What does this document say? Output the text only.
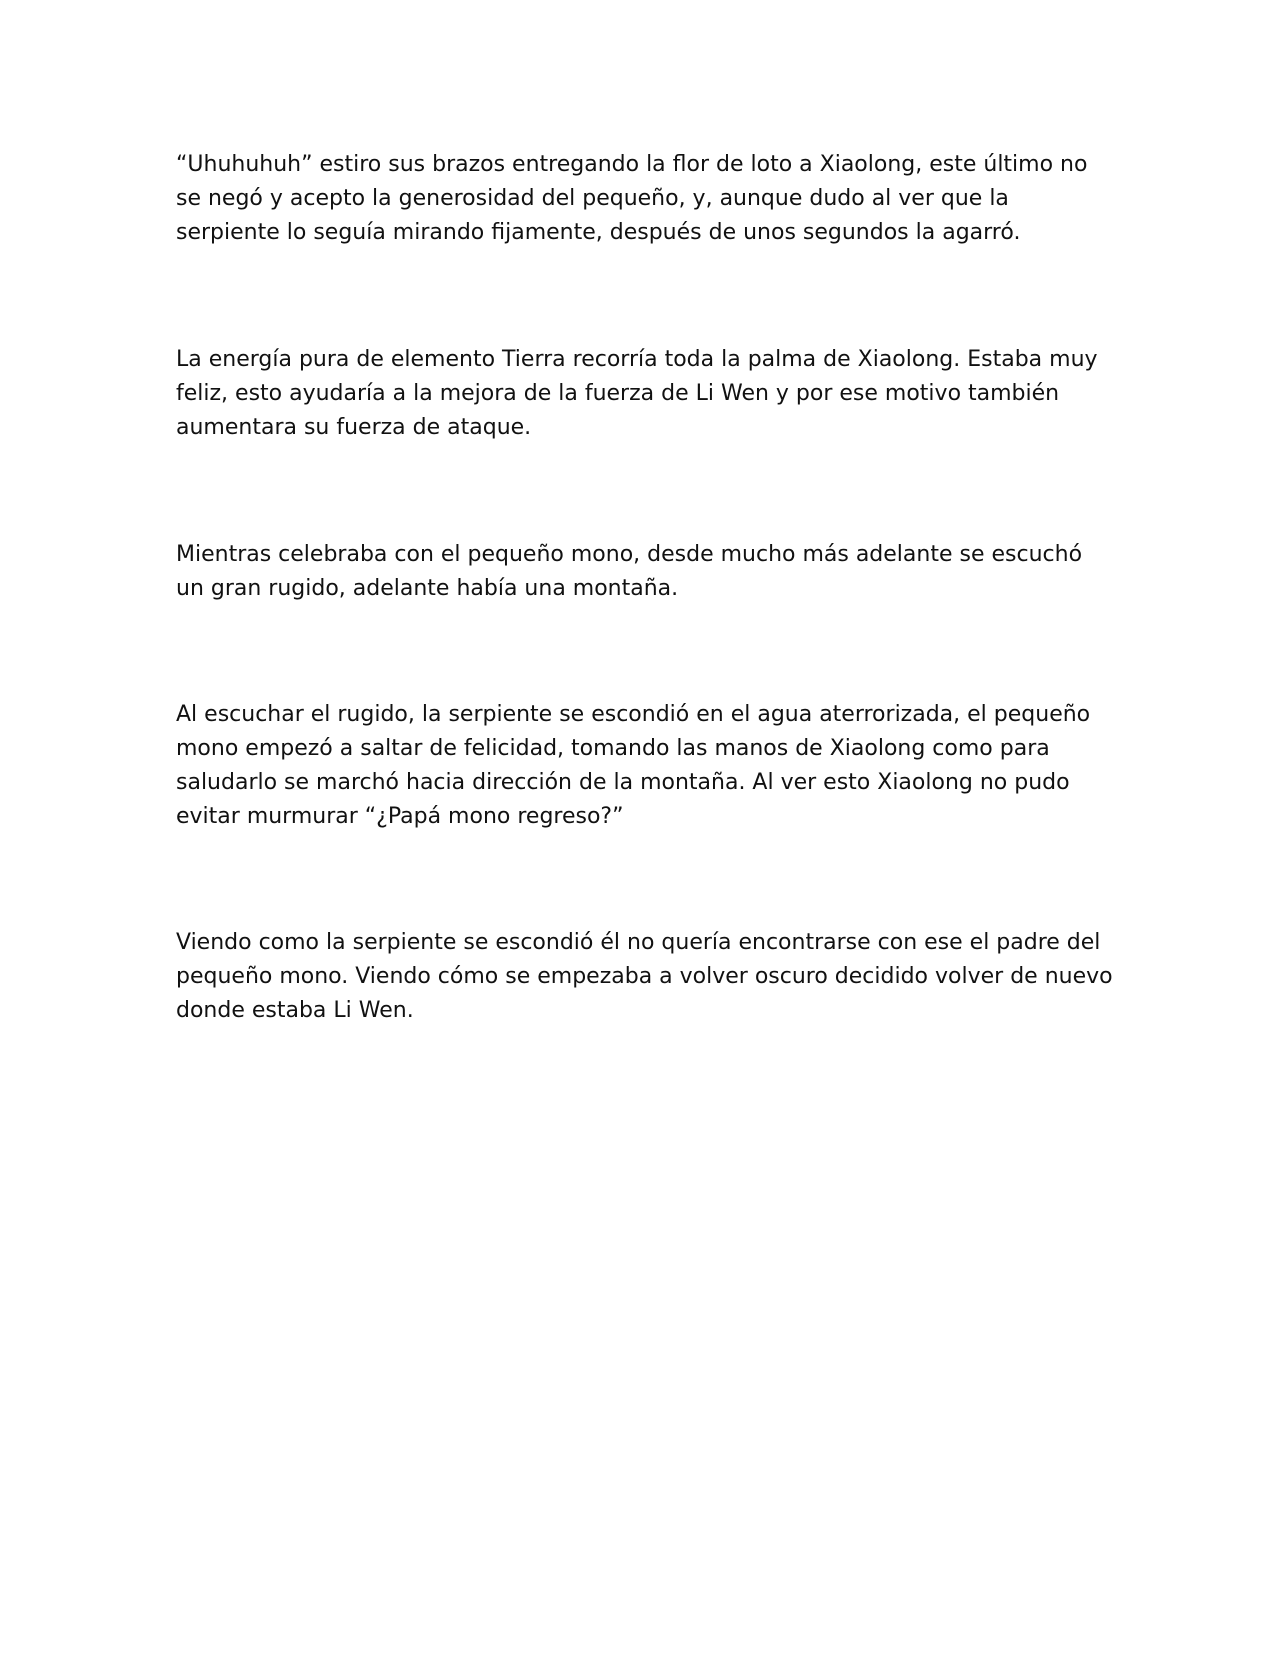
“Uhuhuhuh” estiro sus brazos entregando la flor de loto a Xiaolong, este último no se negó y acepto la generosidad del pequeño, y, aunque dudo al ver que la serpiente lo seguía mirando fijamente, después de unos segundos la agarró.

La energía pura de elemento Tierra recorría toda la palma de Xiaolong. Estaba muy feliz, esto ayudaría a la mejora de la fuerza de Li Wen y por ese motivo también aumentara su fuerza de ataque.

Mientras celebraba con el pequeño mono, desde mucho más adelante se escuchó un gran rugido, adelante había una montaña.

Al escuchar el rugido, la serpiente se escondió en el agua aterrorizada, el pequeño mono empezó a saltar de felicidad, tomando las manos de Xiaolong como para saludarlo se marchó hacia dirección de la montaña. Al ver esto Xiaolong no pudo evitar murmurar “¿Papá mono regreso?”

Viendo como la serpiente se escondió él no quería encontrarse con ese el padre del pequeño mono. Viendo cómo se empezaba a volver oscuro decidido volver de nuevo donde estaba Li Wen.
